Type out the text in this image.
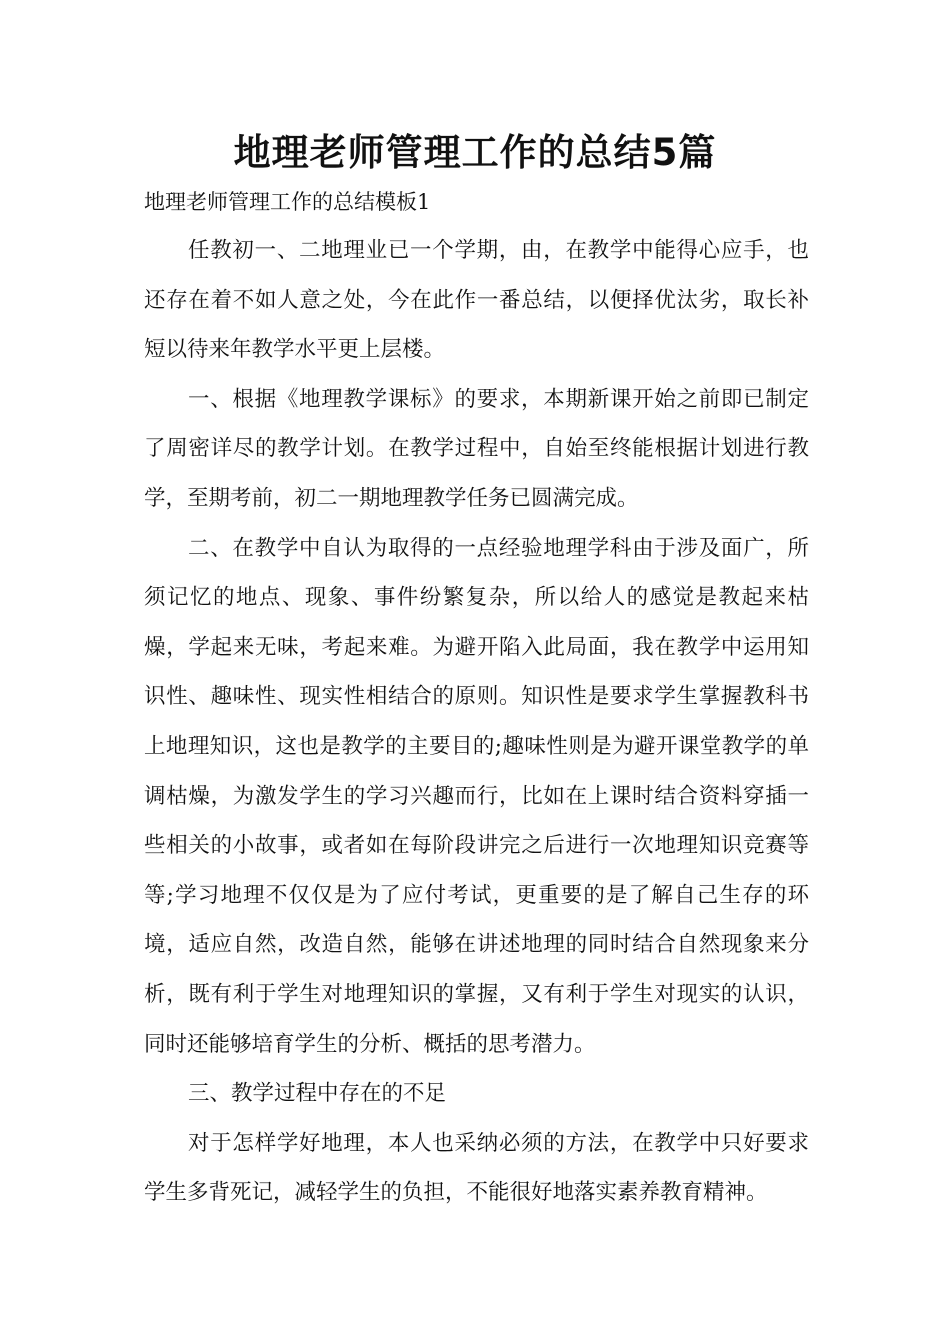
地理老师管理工作的总结5篇
地理老师管理工作的总结模板1

任教初一、二地理业已一个学期，由，在教学中能得心应手，也还存在着不如人意之处，今在此作一番总结，以便择优汰劣，取长补短以待来年教学水平更上层楼。

一、根据《地理教学课标》的要求，本期新课开始之前即已制定了周密详尽的教学计划。在教学过程中，自始至终能根据计划进行教学，至期考前，初二一期地理教学任务已圆满完成。

二、在教学中自认为取得的一点经验地理学科由于涉及面广，所须记忆的地点、现象、事件纷繁复杂，所以给人的感觉是教起来枯燥，学起来无味，考起来难。为避开陷入此局面，我在教学中运用知识性、趣味性、现实性相结合的原则。知识性是要求学生掌握教科书上地理知识，这也是教学的主要目的;趣味性则是为避开课堂教学的单调枯燥，为激发学生的学习兴趣而行，比如在上课时结合资料穿插一些相关的小故事，或者如在每阶段讲完之后进行一次地理知识竞赛等等;学习地理不仅仅是为了应付考试，更重要的是了解自己生存的环境，适应自然，改造自然，能够在讲述地理的同时结合自然现象来分析，既有利于学生对地理知识的掌握，又有利于学生对现实的认识，同时还能够培育学生的分析、概括的思考潜力。

三、教学过程中存在的不足

对于怎样学好地理，本人也采纳必须的方法，在教学中只好要求学生多背死记，减轻学生的负担，不能很好地落实素养教育精神。
